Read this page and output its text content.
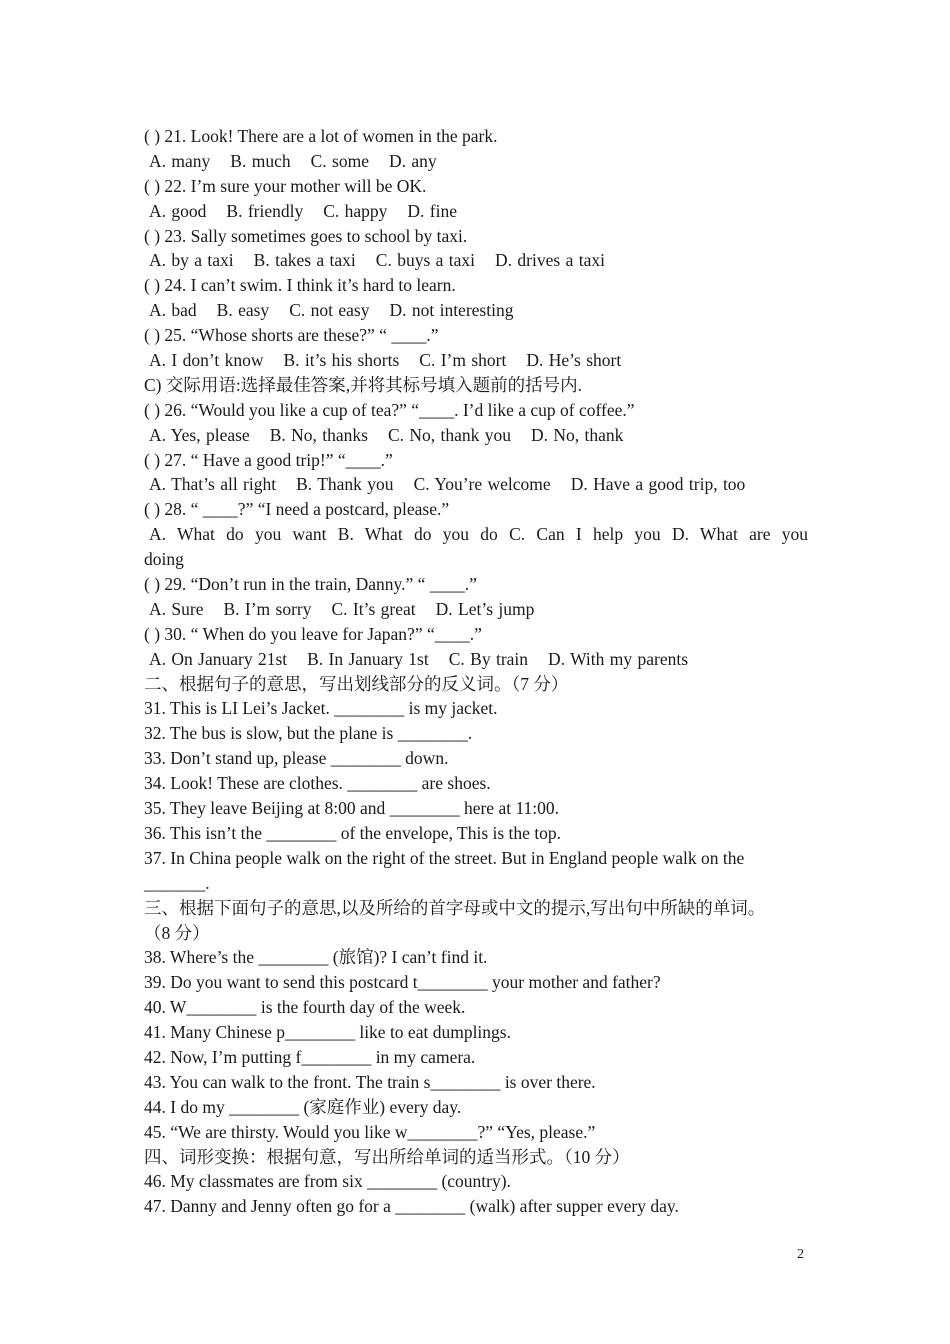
( ) 21. Look! There are a lot of women in the park.
A. many B. much C. some D. any
( ) 22. I’m sure your mother will be OK.
A. good B. friendly C. happy D. fine
( ) 23. Sally sometimes goes to school by taxi.
A. by a taxi B. takes a taxi C. buys a taxi D. drives a taxi
( ) 24. I can’t swim. I think it’s hard to learn.
A. bad B. easy C. not easy D. not interesting
( ) 25. “Whose shorts are these?” “ ____.”
A. I don’t know B. it’s his shorts C. I’m short D. He’s short
C) 交际用语:选择最佳答案,并将其标号填入题前的括号内.
( ) 26. “Would you like a cup of tea?” “____. I’d like a cup of coffee.”
A. Yes, please B. No, thanks C. No, thank you D. No, thank
( ) 27. “ Have a good trip!” “____.”
A. That’s all right B. Thank you C. You’re welcome D. Have a good trip, too
( ) 28. “ ____?” “I need a postcard, please.”
A. What do you want B. What do you do C. Can I help you D. What are you
doing
( ) 29. “Don’t run in the train, Danny.” “ ____.”
A. Sure B. I’m sorry C. It’s great D. Let’s jump
( ) 30. “ When do you leave for Japan?” “____.”
A. On January 21st B. In January 1st C. By train D. With my parents
二、根据句子的意思，写出划线部分的反义词。（7 分）
31. This is LI Lei’s Jacket. ________ is my jacket.
32. The bus is slow, but the plane is ________.
33. Don’t stand up, please ________ down.
34. Look! These are clothes. ________ are shoes.
35. They leave Beijing at 8:00 and ________ here at 11:00.
36. This isn’t the ________ of the envelope, This is the top.
37. In China people walk on the right of the street. But in England people walk on the
_______.
三、根据下面句子的意思,以及所给的首字母或中文的提示,写出句中所缺的单词。
（8 分）
38. Where’s the ________ (旅馆)? I can’t find it.
39. Do you want to send this postcard t________ your mother and father?
40. W________ is the fourth day of the week.
41. Many Chinese p________ like to eat dumplings.
42. Now, I’m putting f________ in my camera.
43. You can walk to the front. The train s________ is over there.
44. I do my ________ (家庭作业) every day.
45. “We are thirsty. Would you like w________?” “Yes, please.”
四、词形变换：根据句意，写出所给单词的适当形式。（10 分）
46. My classmates are from six ________ (country).
47. Danny and Jenny often go for a ________ (walk) after supper every day.
2
